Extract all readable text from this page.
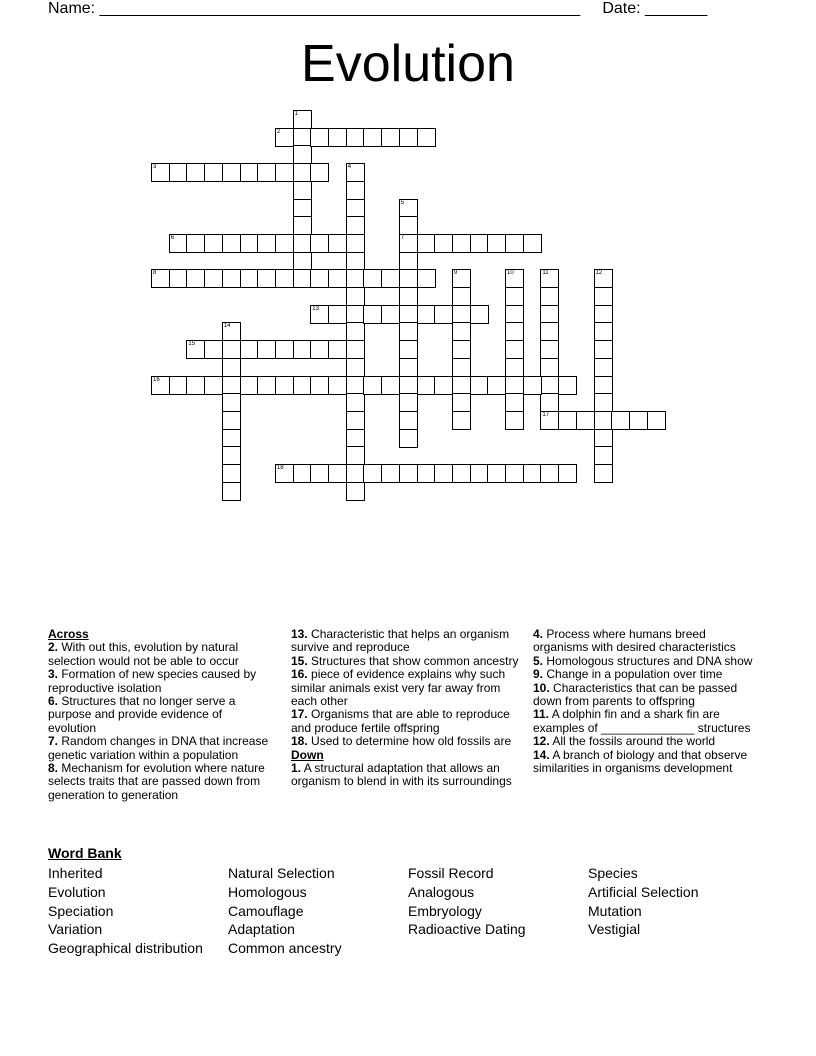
Name: ______________________________________________________     Date: _______
Evolution
1
2
3	4
5
7
6
8	9	10	11
17
12
13
14
15
16
18
Across
2. With out this, evolution by natural selection would not be able to occur
3. Formation of new species caused by reproductive isolation
6. Structures that no longer serve a purpose and provide evidence of evolution
7. Random changes in DNA that increase genetic variation within a population
8. Mechanism for evolution where nature selects traits that are passed down from generation to generation
13. Characteristic that helps an organism survive and reproduce
15. Structures that show common ancestry
16. piece of evidence explains why such similar animals exist very far away from each other
17. Organisms that are able to reproduce and produce fertile offspring
18. Used to determine how old fossils are
Down
1. A structural adaptation that allows an organism to blend in with its surroundings
4. Process where humans breed organisms with desired characteristics
5. Homologous structures and DNA show
9. Change in a population over time
10. Characteristics that can be passed down from parents to offspring
11. A dolphin fin and a shark fin are examples of ______________ structures
12. All the fossils around the world
14. A branch of biology and that observe similarities in organisms development
Word Bank
Inherited
Evolution
Speciation
Variation
Geographical distribution
Natural Selection
Homologous
Camouflage
Adaptation
Common ancestry
Fossil Record
Analogous
Embryology
Radioactive Dating
Species
Artificial Selection
Mutation
Vestigial
